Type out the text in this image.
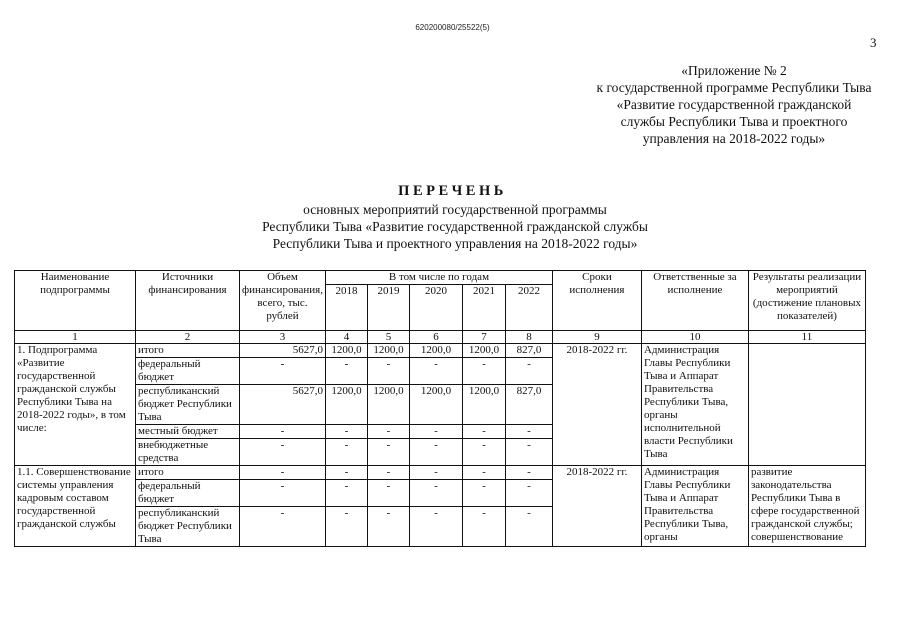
620200080/25522(5)
3
«Приложение № 2
к государственной программе Республики Тыва
«Развитие государственной гражданской
службы Республики Тыва и проектного
управления на 2018-2022 годы»
ПЕРЕЧЕНЬ
основных мероприятий государственной программы
Республики Тыва «Развитие государственной гражданской службы
Республики Тыва и проектного управления на 2018-2022 годы»
Наименование подпрограммы	Источники финансирования	Объем финансирования, всего, тыс. рублей	В том числе по годам					Сроки исполнения	Ответственные за исполнение	Результаты реализации мероприятий (достижение плановых показателей)
			2018	2019	2020	2021	2022			
1	2	3	4	5	6	7	8	9	10	11
1. Подпрограмма «Развитие государственной гражданской службы Республики Тыва на 2018-2022 годы», в том числе:	итого	5627,0	1200,0	1200,0	1200,0	1200,0	827,0	2018-2022 гг.	Администрация Главы Республики Тыва и Аппарат Правительства Республики Тыва, органы исполнительной власти Республики Тыва	
	федеральный бюджет	-	-	-	-	-	-			
	республиканский бюджет Республики Тыва	5627,0	1200,0	1200,0	1200,0	1200,0	827,0			
	местный бюджет	-	-	-	-	-	-			
	внебюджетные средства	-	-	-	-	-	-			
1.1. Совершенствование системы управления кадровым составом государственной гражданской службы	итого	-	-	-	-	-	-	2018-2022 гг.	Администрация Главы Республики Тыва и Аппарат Правительства Республики Тыва, органы	развитие законодательства Республики Тыва в сфере государственной гражданской службы; совершенствование
	федеральный бюджет	-	-	-	-	-	-			
	республиканский бюджет Республики Тыва	-	-	-	-	-	-			
